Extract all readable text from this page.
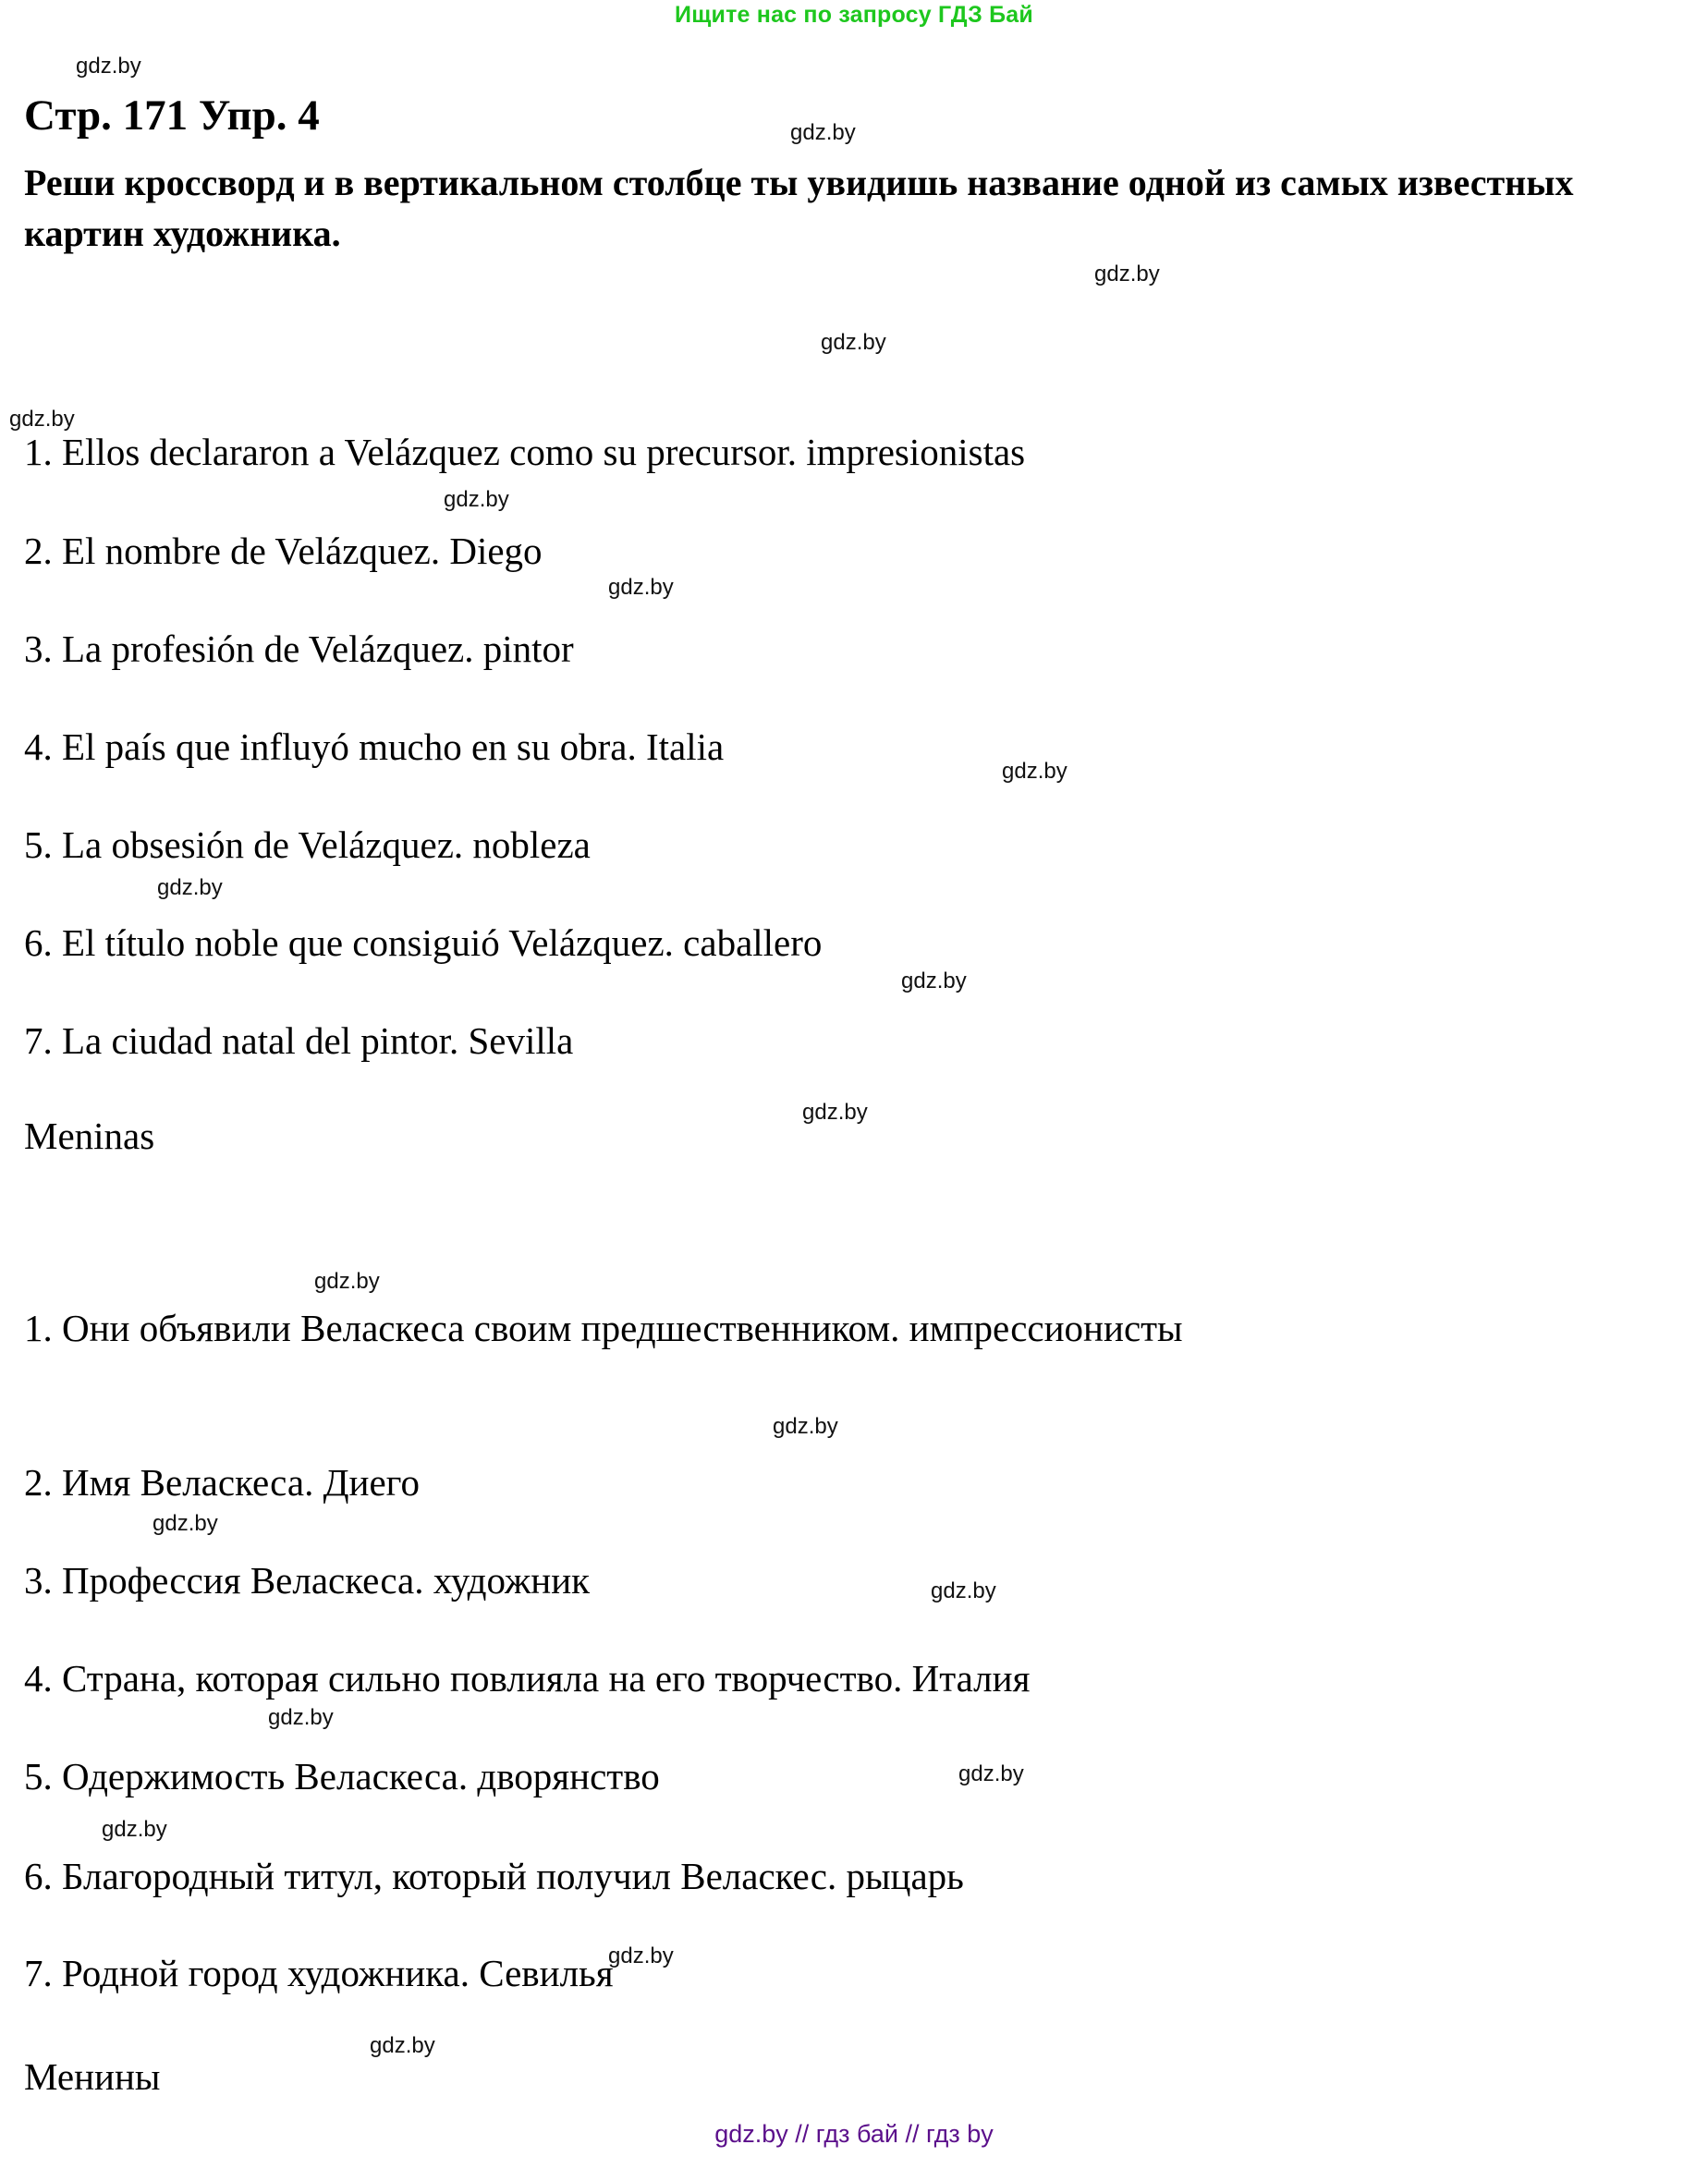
Ищите нас по запросу ГДЗ Бай
gdz.by
Стр. 171 Упр. 4	gdz.by
Реши кроссворд и в вертикальном столбце ты увидишь название одной из самых известных картин художника.
gdz.by
gdz.by
gdz.by
1. Ellos declararon a Velázquez como su precursor. impresionistas
gdz.by
2. El nombre de Velázquez. Diego
gdz.by
3. La profesión de Velázquez. pintor
4. El país que influyó mucho en su obra. Italia
gdz.by
5. La obsesión de Velázquez. nobleza
gdz.by
6. El título noble que consiguió Velázquez. caballero
gdz.by
7. La ciudad natal del pintor. Sevilla
gdz.by
Meninas
gdz.by
1. Они объявили Веласкеса своим предшественником. импрессионисты
gdz.by
2. Имя Веласкеса. Диего
gdz.by
3. Профессия Веласкеса. художник	gdz.by
4. Страна, которая сильно повлияла на его творчество. Италия
gdz.by
5. Одержимость Веласкеса. дворянство	gdz.by
gdz.by
6. Благородный титул, который получил Веласкес. рыцарь
7. Родной город художника. Севилья
gdz.by
gdz.by
Менины
gdz.by // гдз бай // гдз by
